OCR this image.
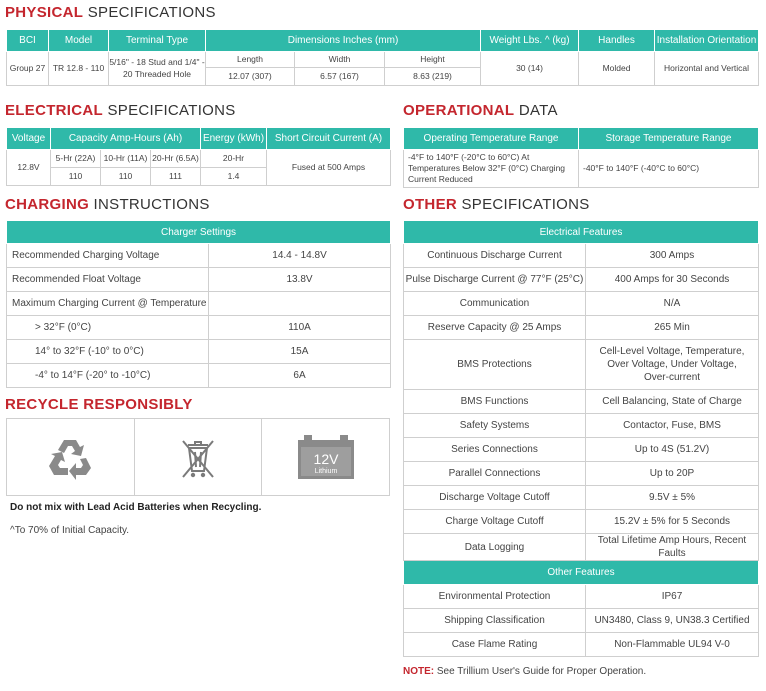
PHYSICAL SPECIFICATIONS
BCI	Model	Terminal Type	Dimensions Inches (mm)			Weight Lbs. ^ (kg)	Handles	Installation Orientation
Group 27	TR 12.8 - 110	5/16" - 18 Stud and 1/4" - 20 Threaded Hole	Length	Width	Height	30 (14)	Molded	Horizontal and Vertical
			12.07 (307)	6.57 (167)	8.63 (219)			
ELECTRICAL SPECIFICATIONS
Voltage	Capacity Amp-Hours (Ah)			Energy (kWh)	Short Circuit Current (A)
12.8V	5-Hr (22A)	10-Hr (11A)	20-Hr (6.5A)	20-Hr	Fused at 500 Amps
	110	110	111	1.4	
OPERATIONAL DATA
Operating Temperature Range	Storage Temperature Range
-4°F to 140°F (-20°C to 60°C) At Temperatures Below 32°F (0°C) Charging Current Reduced	-40°F to 140°F (-40°C to 60°C)
CHARGING INSTRUCTIONS
Charger Settings	
Recommended Charging Voltage	14.4 - 14.8V
Recommended Float Voltage	13.8V
Maximum Charging Current @ Temperature	
> 32°F (0°C)	110A
14° to 32°F (-10° to 0°C)	15A
-4° to 14°F (-20° to -10°C)	6A
RECYCLE RESPONSIBLY
12V
Lithium
Do not mix with Lead Acid Batteries when Recycling.
^To 70% of Initial Capacity.
OTHER SPECIFICATIONS
Electrical Features	
Continuous Discharge Current	300 Amps
Pulse Discharge Current @ 77°F (25°C)	400 Amps for 30 Seconds
Communication	N/A
Reserve Capacity @ 25 Amps	265 Min
BMS Protections	Cell-Level Voltage, Temperature, Over Voltage, Under Voltage, Over-current
BMS Functions	Cell Balancing, State of Charge
Safety Systems	Contactor, Fuse, BMS
Series Connections	Up to 4S (51.2V)
Parallel Connections	Up to 20P
Discharge Voltage Cutoff	9.5V ± 5%
Charge Voltage Cutoff	15.2V ± 5% for 5 Seconds
Data Logging	Total Lifetime Amp Hours, Recent Faults
Other Features	
Environmental Protection	IP67
Shipping Classification	UN3480, Class 9, UN38.3 Certified
Case Flame Rating	Non-Flammable UL94 V-0
NOTE: See Trillium User's Guide for Proper Operation.
